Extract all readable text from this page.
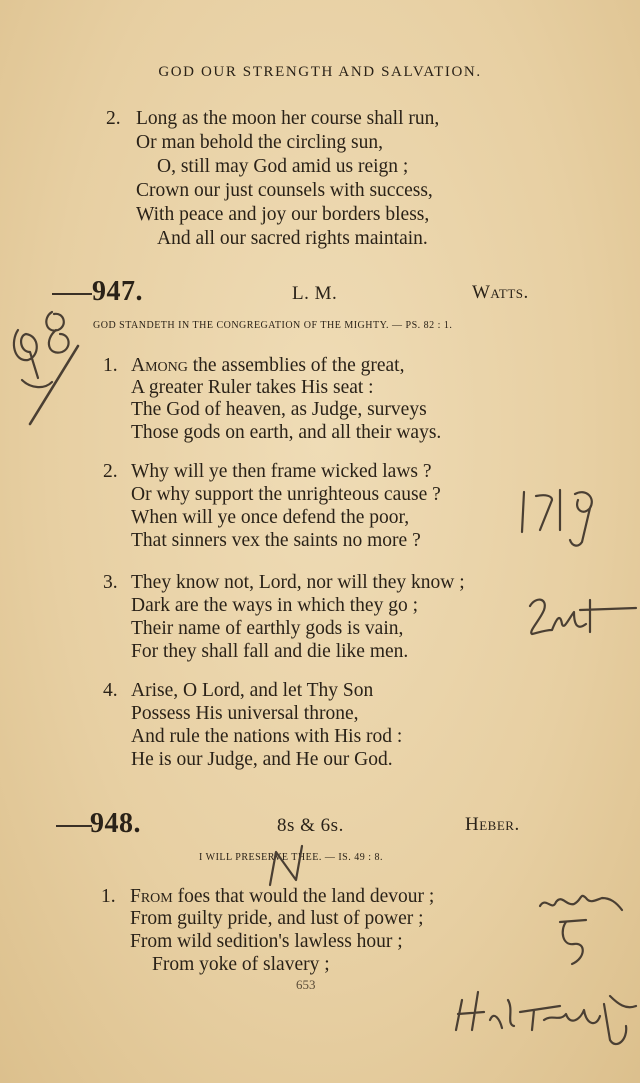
GOD OUR STRENGTH AND SALVATION.
2. Long as the moon her course shall run,
Or man behold the circling sun,
O, still may God amid us reign ;
Crown our just counsels with success,
With peace and joy our borders bless,
And all our sacred rights maintain.
947.	L. M.	Watts.
GOD STANDETH IN THE CONGREGATION OF THE MIGHTY. — PS. 82 : 1.
1. Among the assemblies of the great,
A greater Ruler takes His seat :
The God of heaven, as Judge, surveys
Those gods on earth, and all their ways.
2. Why will ye then frame wicked laws ?
Or why support the unrighteous cause ?
When will ye once defend the poor,
That sinners vex the saints no more ?
3. They know not, Lord, nor will they know ;
Dark are the ways in which they go ;
Their name of earthly gods is vain,
For they shall fall and die like men.
4. Arise, O Lord, and let Thy Son
Possess His universal throne,
And rule the nations with His rod :
He is our Judge, and He our God.
948.	8s & 6s.	Heber.
I WILL PRESERVE THEE. — IS. 49 : 8.
1. From foes that would the land devour ;
From guilty pride, and lust of power ;
From wild sedition's lawless hour ;
From yoke of slavery ;
653
